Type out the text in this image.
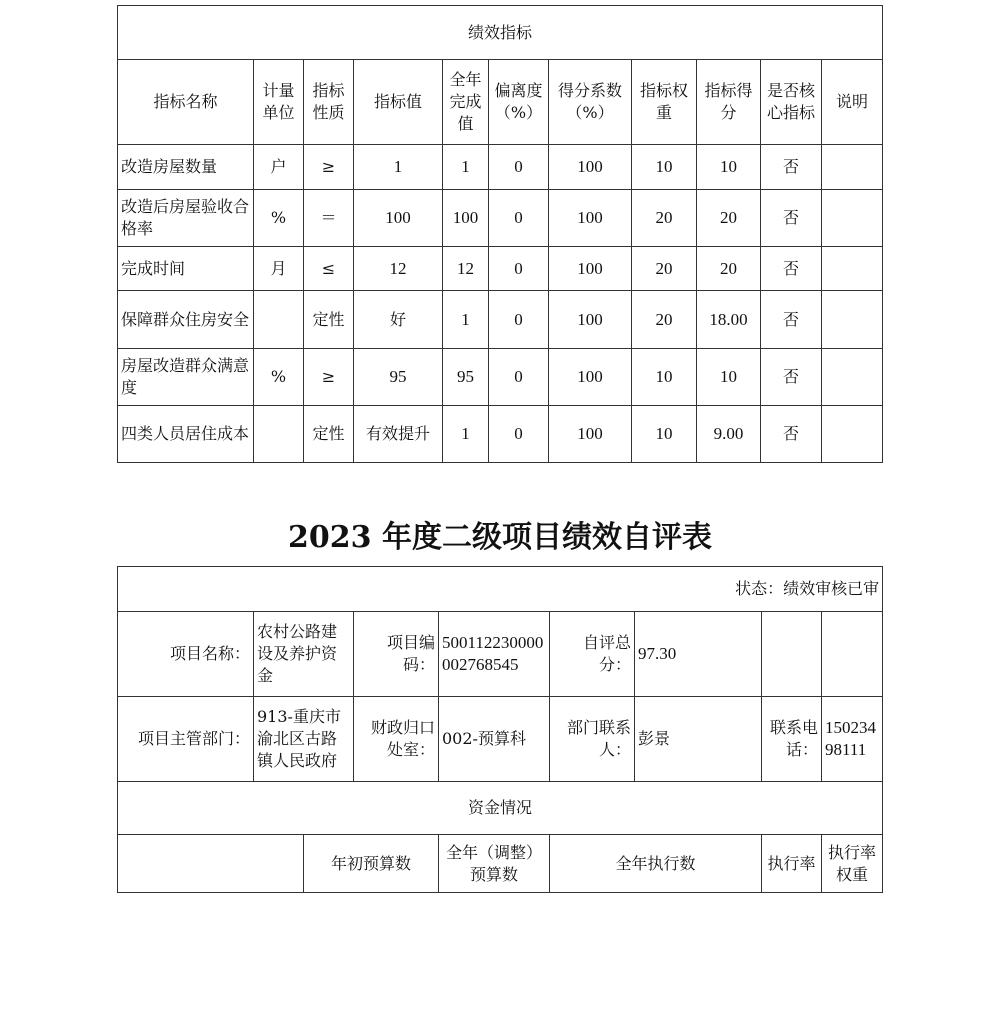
绩效指标										
指标名称	计量单位	指标性质	指标值	全年完成值	偏离度（%）	得分系数（%）	指标权重	指标得分	是否核心指标	说明
改造房屋数量	户	≥	1	1	0	100	10	10	否	
改造后房屋验收合格率	%	＝	100	100	0	100	20	20	否	
完成时间	月	≤	12	12	0	100	20	20	否	
保障群众住房安全		定性	好	1	0	100	20	18.00	否	
房屋改造群众满意度	%	≥	95	95	0	100	10	10	否	
四类人员居住成本		定性	有效提升	1	0	100	10	9.00	否	
2023 年度二级项目绩效自评表
状态：绩效审核已审								
项目名称：	农村公路建设及养护资金		项目编码：	500112230000002768545	自评总分：	97.30		
项目主管部门：	913-重庆市渝北区古路镇人民政府		财政归口处室：	002-预算科	部门联系人：	彭景	联系电话：	15023498111
资金情况								
		年初预算数		全年（调整）预算数	全年执行数		执行率	执行率权重
